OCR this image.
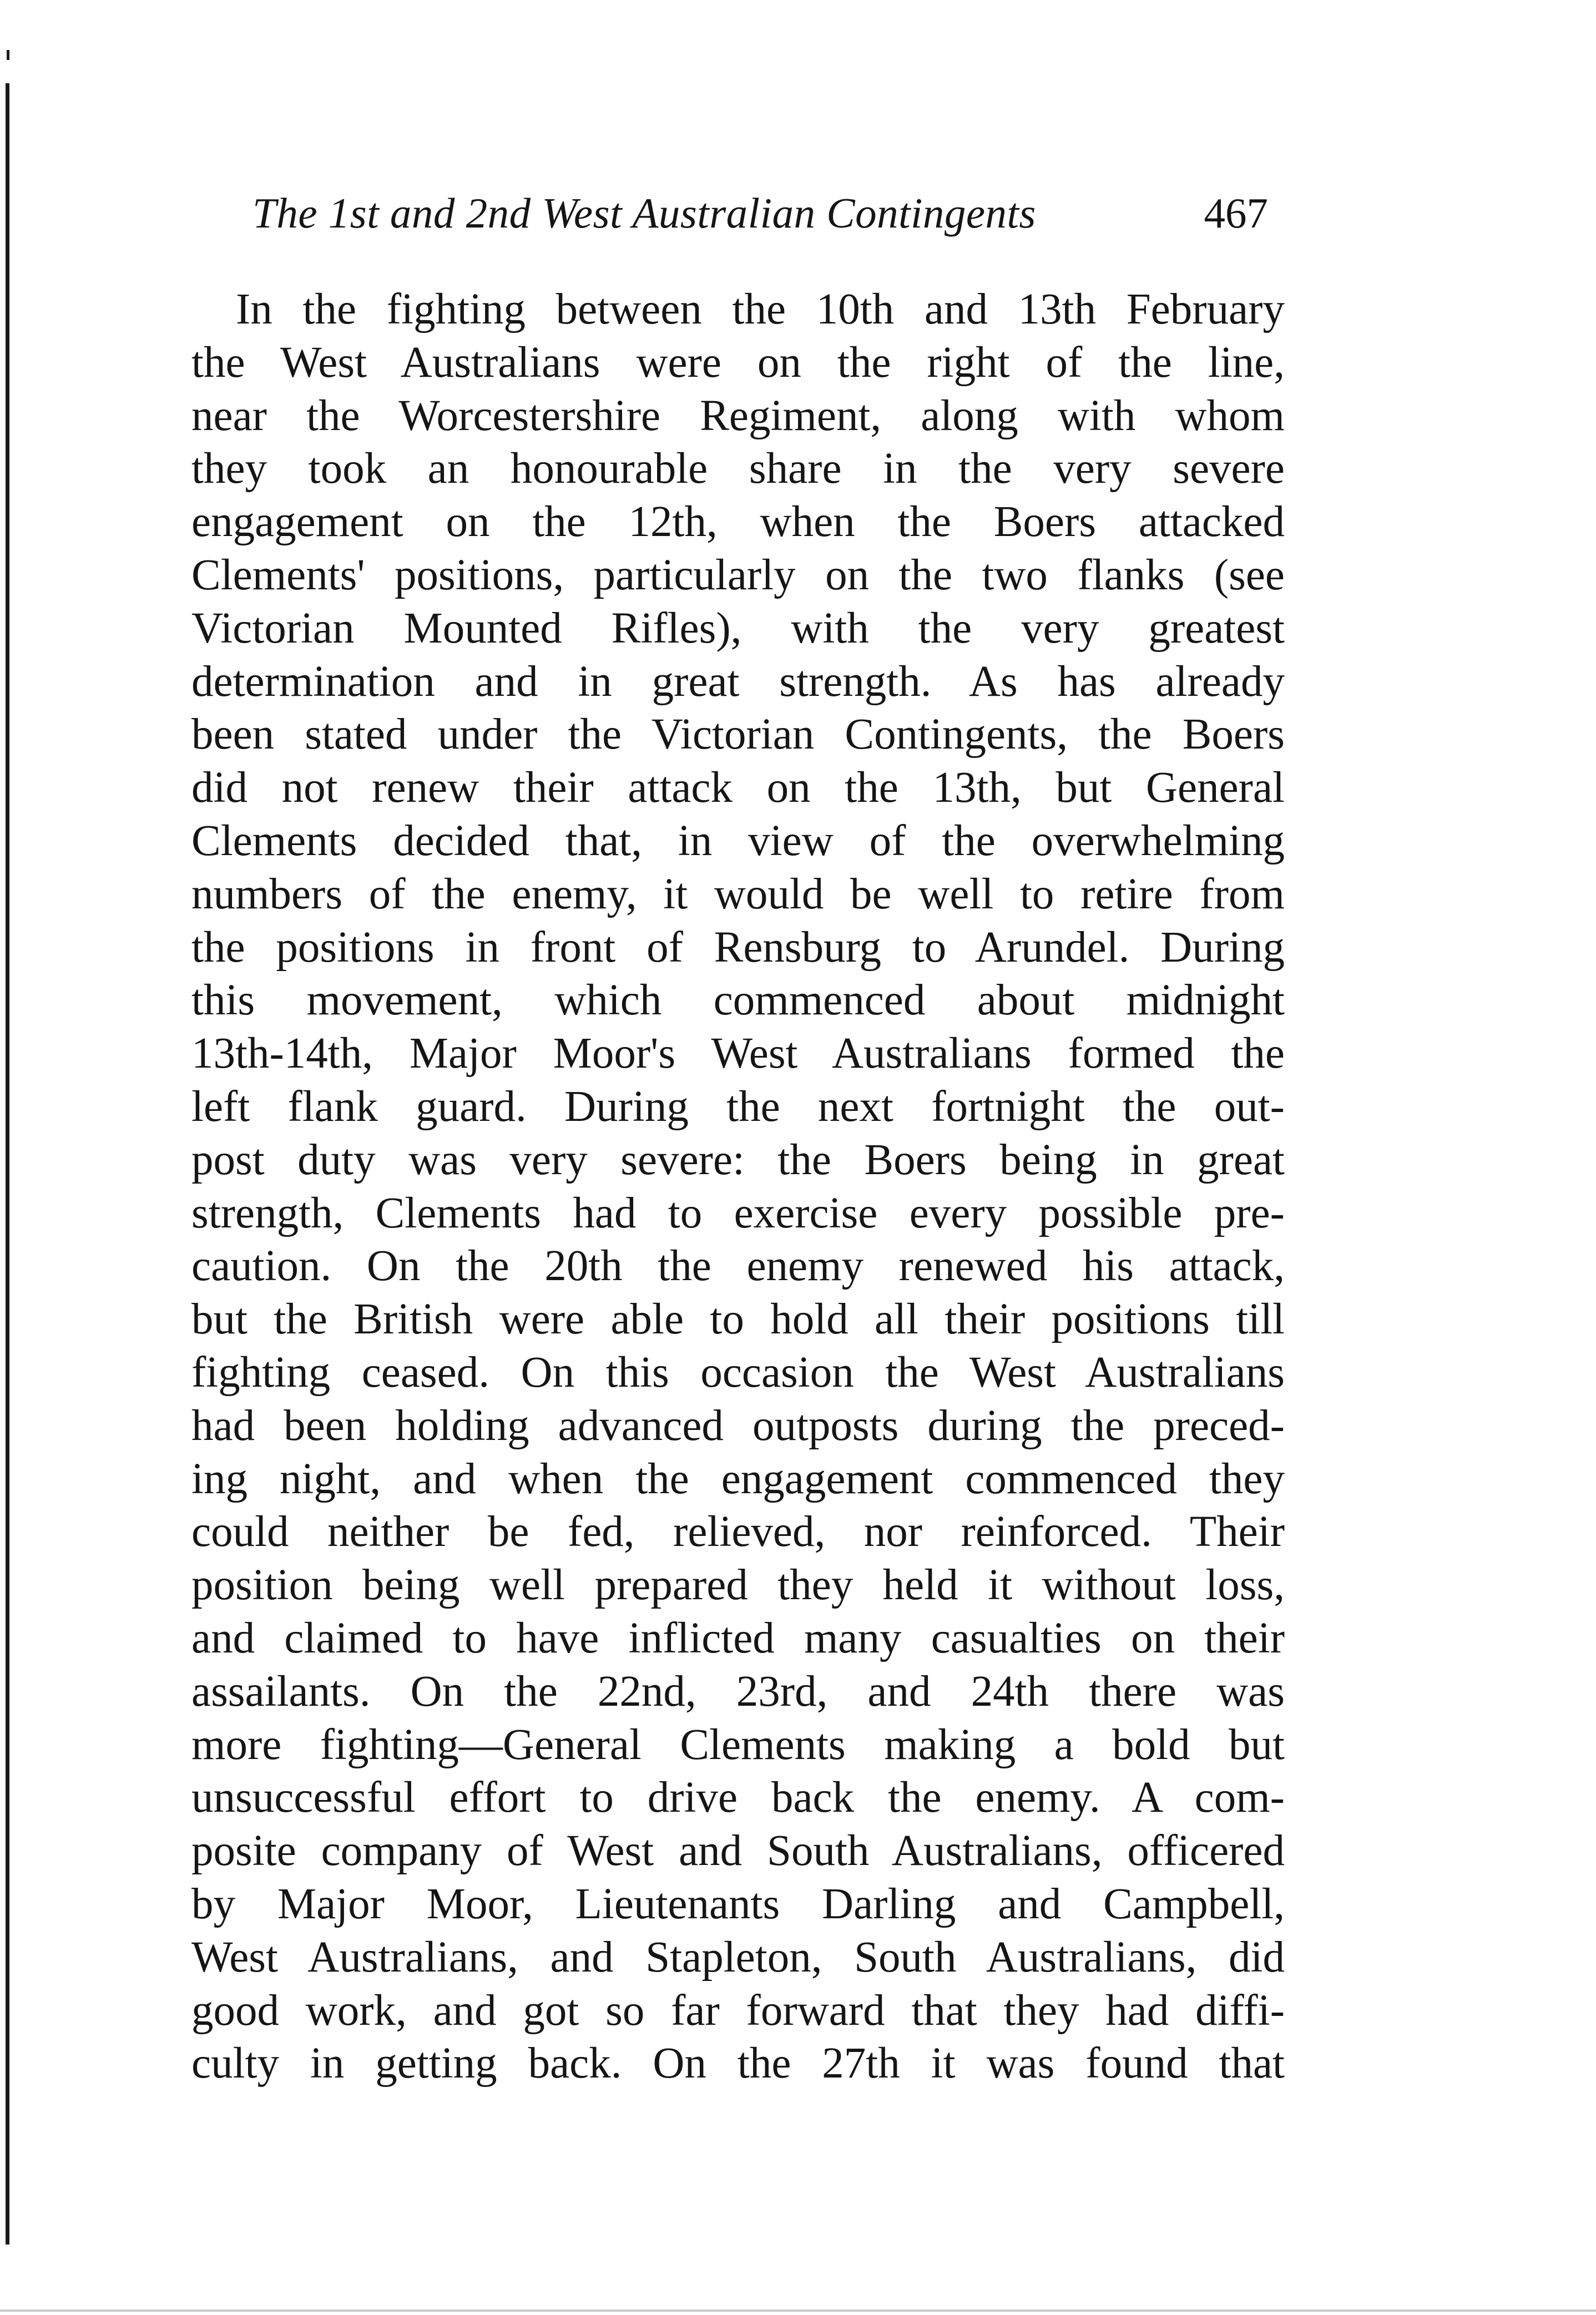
The 1st and 2nd West Australian Contingents	467
In the fighting between the 10th and 13th February
the West Australians were on the right of the line,
near the Worcestershire Regiment, along with whom
they took an honourable share in the very severe
engagement on the 12th, when the Boers attacked
Clements' positions, particularly on the two flanks (see
Victorian Mounted Rifles), with the very greatest
determination and in great strength. As has already
been stated under the Victorian Contingents, the Boers
did not renew their attack on the 13th, but General
Clements decided that, in view of the overwhelming
numbers of the enemy, it would be well to retire from
the positions in front of Rensburg to Arundel. During
this movement, which commenced about midnight
13th-14th, Major Moor's West Australians formed the
left flank guard. During the next fortnight the out-
post duty was very severe: the Boers being in great
strength, Clements had to exercise every possible pre-
caution. On the 20th the enemy renewed his attack,
but the British were able to hold all their positions till
fighting ceased. On this occasion the West Australians
had been holding advanced outposts during the preced-
ing night, and when the engagement commenced they
could neither be fed, relieved, nor reinforced. Their
position being well prepared they held it without loss,
and claimed to have inflicted many casualties on their
assailants. On the 22nd, 23rd, and 24th there was
more fighting—General Clements making a bold but
unsuccessful effort to drive back the enemy. A com-
posite company of West and South Australians, officered
by Major Moor, Lieutenants Darling and Campbell,
West Australians, and Stapleton, South Australians, did
good work, and got so far forward that they had diffi-
culty in getting back. On the 27th it was found that
